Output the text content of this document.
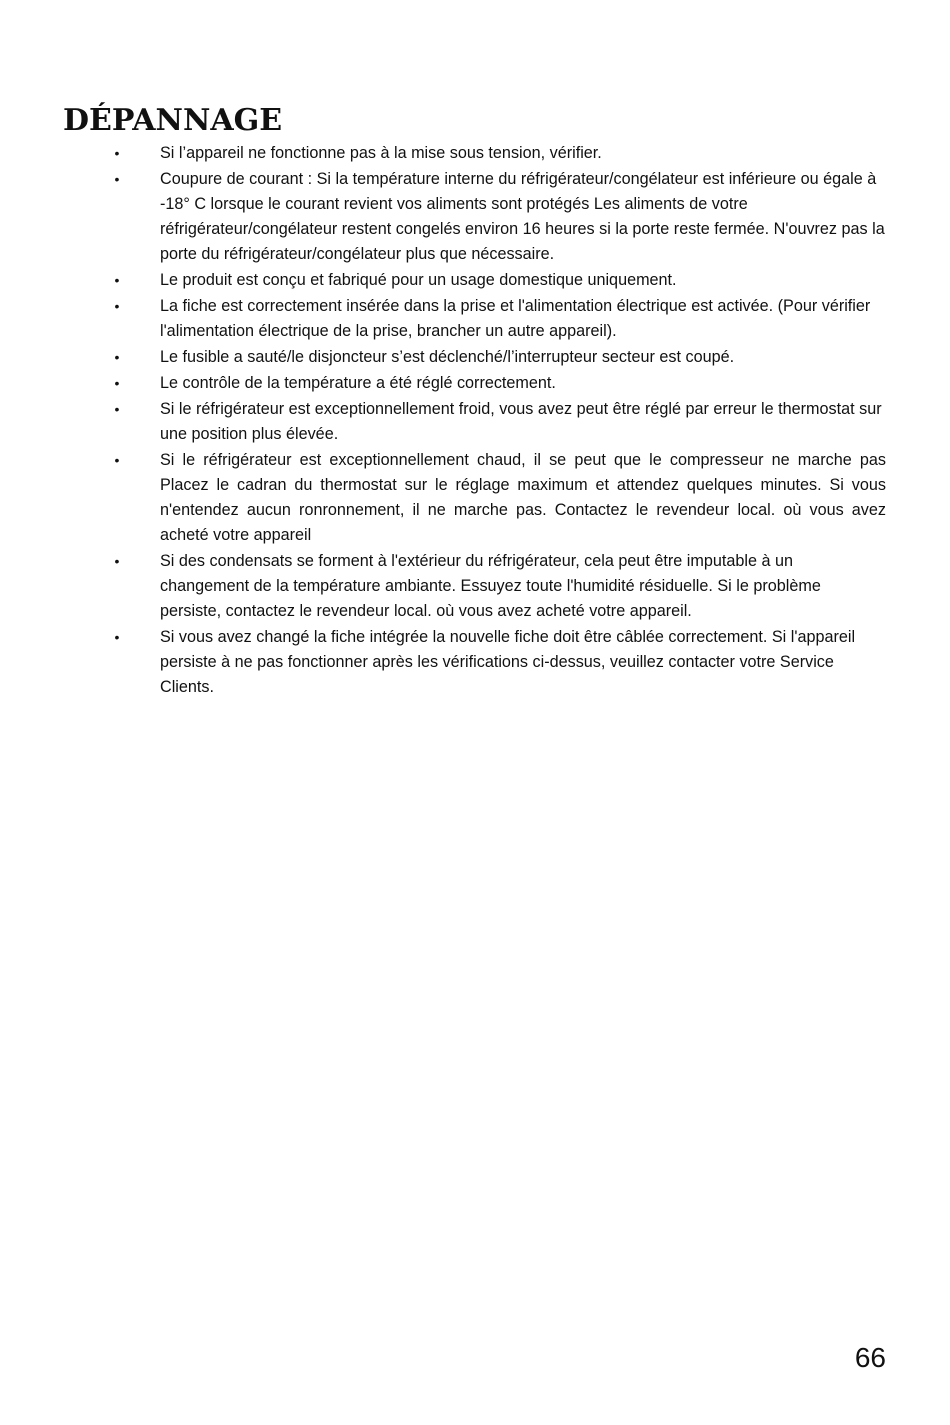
DÉPANNAGE
•	Si l’appareil ne fonctionne pas à la mise sous tension, vérifier.
•	Coupure de courant : Si la température interne du réfrigérateur/congélateur est inférieure ou égale à -18° C lorsque le courant revient vos aliments sont protégés Les aliments de votre réfrigérateur/congélateur restent congelés environ 16 heures si la porte reste fermée. N'ouvrez pas la porte du réfrigérateur/congélateur plus que nécessaire.
•	Le produit est conçu et fabriqué pour un usage domestique uniquement.
•	La fiche est correctement insérée dans la prise et l'alimentation électrique est activée. (Pour vérifier l'alimentation électrique de la prise, brancher un autre appareil).
•	Le fusible a sauté/le disjoncteur s’est déclenché/l’interrupteur secteur est coupé.
•	Le contrôle de la température a été réglé correctement.
•	Si le réfrigérateur est exceptionnellement froid, vous avez peut être réglé par erreur le thermostat sur une position plus élevée.
•	Si le réfrigérateur est exceptionnellement chaud, il se peut que le compresseur ne marche pas Placez le cadran du thermostat sur le réglage maximum et attendez quelques minutes. Si vous n'entendez aucun ronronnement, il ne marche pas. Contactez le revendeur local. où vous avez acheté votre appareil
•	Si des condensats se forment à l'extérieur du réfrigérateur, cela peut être imputable à un changement de la température ambiante. Essuyez toute l'humidité résiduelle. Si le problème persiste, contactez le revendeur local. où vous avez acheté votre appareil.
•	Si vous avez changé la fiche intégrée la nouvelle fiche doit être câblée correctement. Si l'appareil persiste à ne pas fonctionner après les vérifications ci-dessus, veuillez contacter votre Service Clients.
66
